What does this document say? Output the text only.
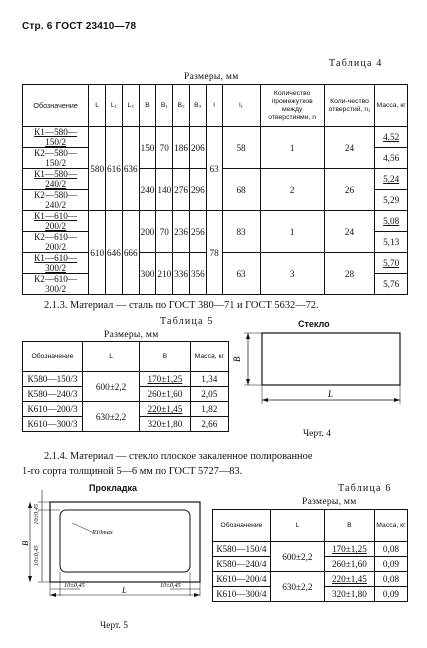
Стр. 6 ГОСТ 23410—78
Таблица 4
Размеры, мм
Обозначение	L	L₁	L₂	B	B₁	B₂	B₃	l	l₁	Количество промежутков между отверстиями, n	Коли-чество отверстий, n₁	Масса, кг
К1—580—150/2	580	616	636	150	70	186	206	63	58	1	24	4,52
К2—580—150/2												4,56
К1—580—240/2				240	140	276	296		68	2	26	5,24
К2—580—240/2												5,29
К1—610—200/2	610	646	666	200	70	236	256	78	83	1	24	5,08
К2—610—200/2												5,13
К1—610—300/2				300	210	336	356		63	3	28	5,70
К2—610—300/2												5,76
2.1.3. Материал — сталь по ГОСТ 380—71 и ГОСТ 5632—72.
Таблица 5
Размеры, мм
Обозначение	L	B	Масса, кг
К580—150/3	600±2,2	170±1,25	1,34
К580—240/3		260±1,60	2,05
К610—200/3	630±2,2	220±1,45	1,82
К610—300/3		320±1,80	2,66
Стекло
B
L
Черт. 4
2.1.4. Материал — стекло плоское закаленное полированное
1-го сорта толщиной 5—6 мм по ГОСТ 5727—83.
Прокладка
10±0,45
10±0,45
B
R10max
10±0,45	10±0,45
L
Черт. 5
Таблица 6
Размеры, мм
Обозначение	L	B	Масса, кг
К580—150/4	600±2,2	170±1,25	0,08
К580—240/4		260±1,60	0,09
К610—200/4	630±2,2	220±1,45	0,08
К610—300/4		320±1,80	0,09
